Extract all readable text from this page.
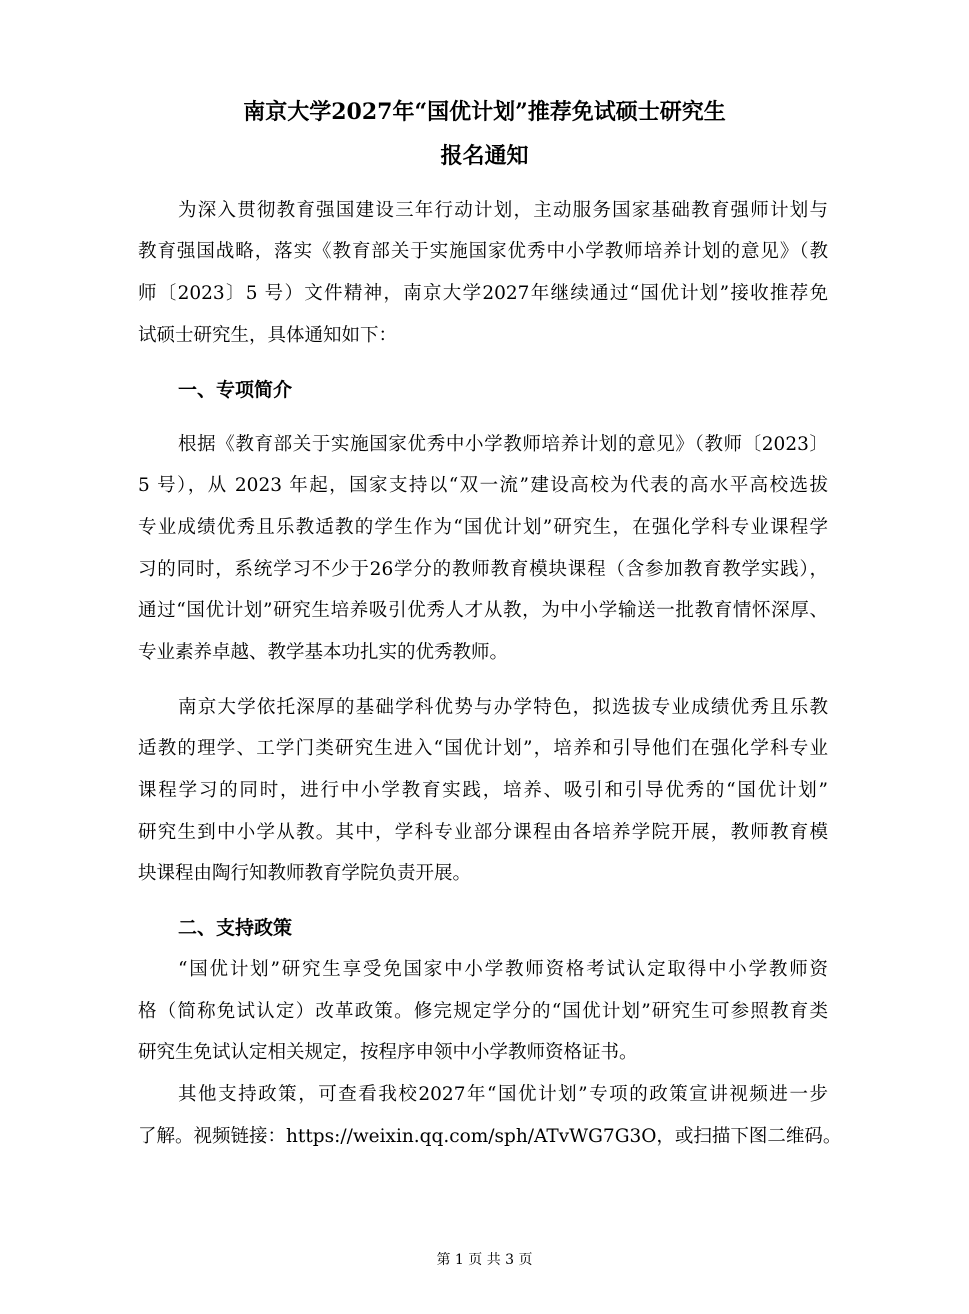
南京大学2027年“国优计划”推荐免试硕士研究生
报名通知
为深入贯彻教育强国建设三年行动计划，主动服务国家基础教育强师计划与
教育强国战略，落实《教育部关于实施国家优秀中小学教师培养计划的意见》（教
师〔2023〕5 号）文件精神，南京大学2027年继续通过“国优计划”接收推荐免
试硕士研究生，具体通知如下：
一、专项简介
根据《教育部关于实施国家优秀中小学教师培养计划的意见》（教师〔2023〕
5 号），从 2023 年起，国家支持以“双一流”建设高校为代表的高水平高校选拔
专业成绩优秀且乐教适教的学生作为“国优计划”研究生，在强化学科专业课程学
习的同时，系统学习不少于26学分的教师教育模块课程（含参加教育教学实践），
通过“国优计划”研究生培养吸引优秀人才从教，为中小学输送一批教育情怀深厚、
专业素养卓越、教学基本功扎实的优秀教师。
南京大学依托深厚的基础学科优势与办学特色，拟选拔专业成绩优秀且乐教
适教的理学、工学门类研究生进入“国优计划”，培养和引导他们在强化学科专业
课程学习的同时，进行中小学教育实践，培养、吸引和引导优秀的“国优计划”
研究生到中小学从教。其中，学科专业部分课程由各培养学院开展，教师教育模
块课程由陶行知教师教育学院负责开展。
二、支持政策
“国优计划”研究生享受免国家中小学教师资格考试认定取得中小学教师资
格（简称免试认定）改革政策。修完规定学分的“国优计划”研究生可参照教育类
研究生免试认定相关规定，按程序申领中小学教师资格证书。
其他支持政策，可查看我校2027年“国优计划”专项的政策宣讲视频进一步
了解。视频链接：https://weixin.qq.com/sph/ATvWG7G3O，或扫描下图二维码。
第 1 页 共 3 页
